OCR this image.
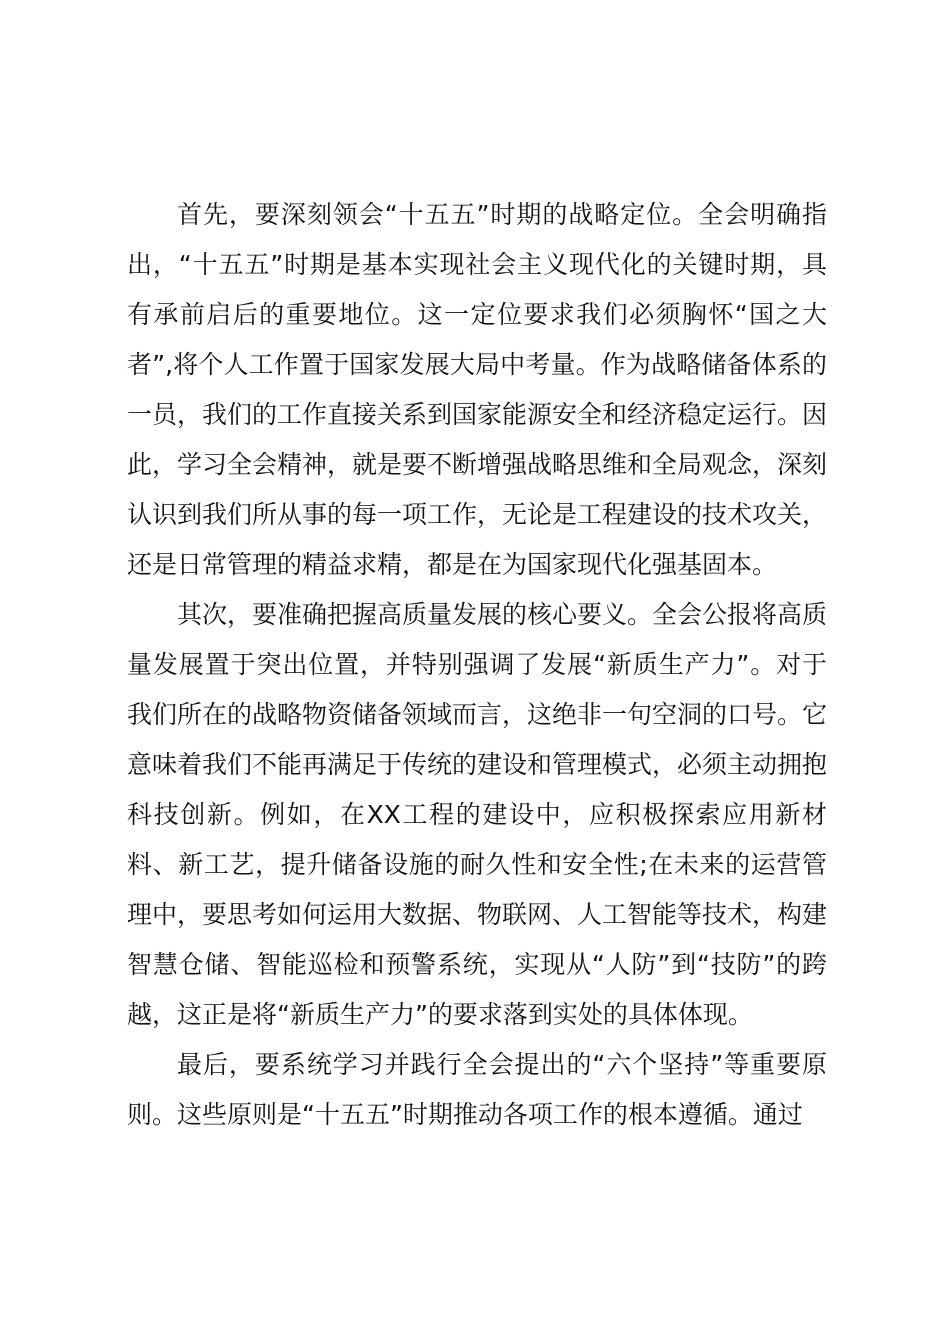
首先，要深刻领会“十五五”时期的战略定位。全会明确指出，“十五五”时期是基本实现社会主义现代化的关键时期，具有承前启后的重要地位。这一定位要求我们必须胸怀“国之大者”,将个人工作置于国家发展大局中考量。作为战略储备体系的一员，我们的工作直接关系到国家能源安全和经济稳定运行。因此，学习全会精神，就是要不断增强战略思维和全局观念，深刻认识到我们所从事的每一项工作，无论是工程建设的技术攻关，还是日常管理的精益求精，都是在为国家现代化强基固本。

其次，要准确把握高质量发展的核心要义。全会公报将高质量发展置于突出位置，并特别强调了发展“新质生产力”。对于我们所在的战略物资储备领域而言，这绝非一句空洞的口号。它意味着我们不能再满足于传统的建设和管理模式，必须主动拥抱科技创新。例如，在XX工程的建设中，应积极探索应用新材料、新工艺，提升储备设施的耐久性和安全性;在未来的运营管理中，要思考如何运用大数据、物联网、人工智能等技术，构建智慧仓储、智能巡检和预警系统，实现从“人防”到“技防”的跨越，这正是将“新质生产力”的要求落到实处的具体体现。

最后，要系统学习并践行全会提出的“六个坚持”等重要原则。这些原则是“十五五”时期推动各项工作的根本遵循。通过
